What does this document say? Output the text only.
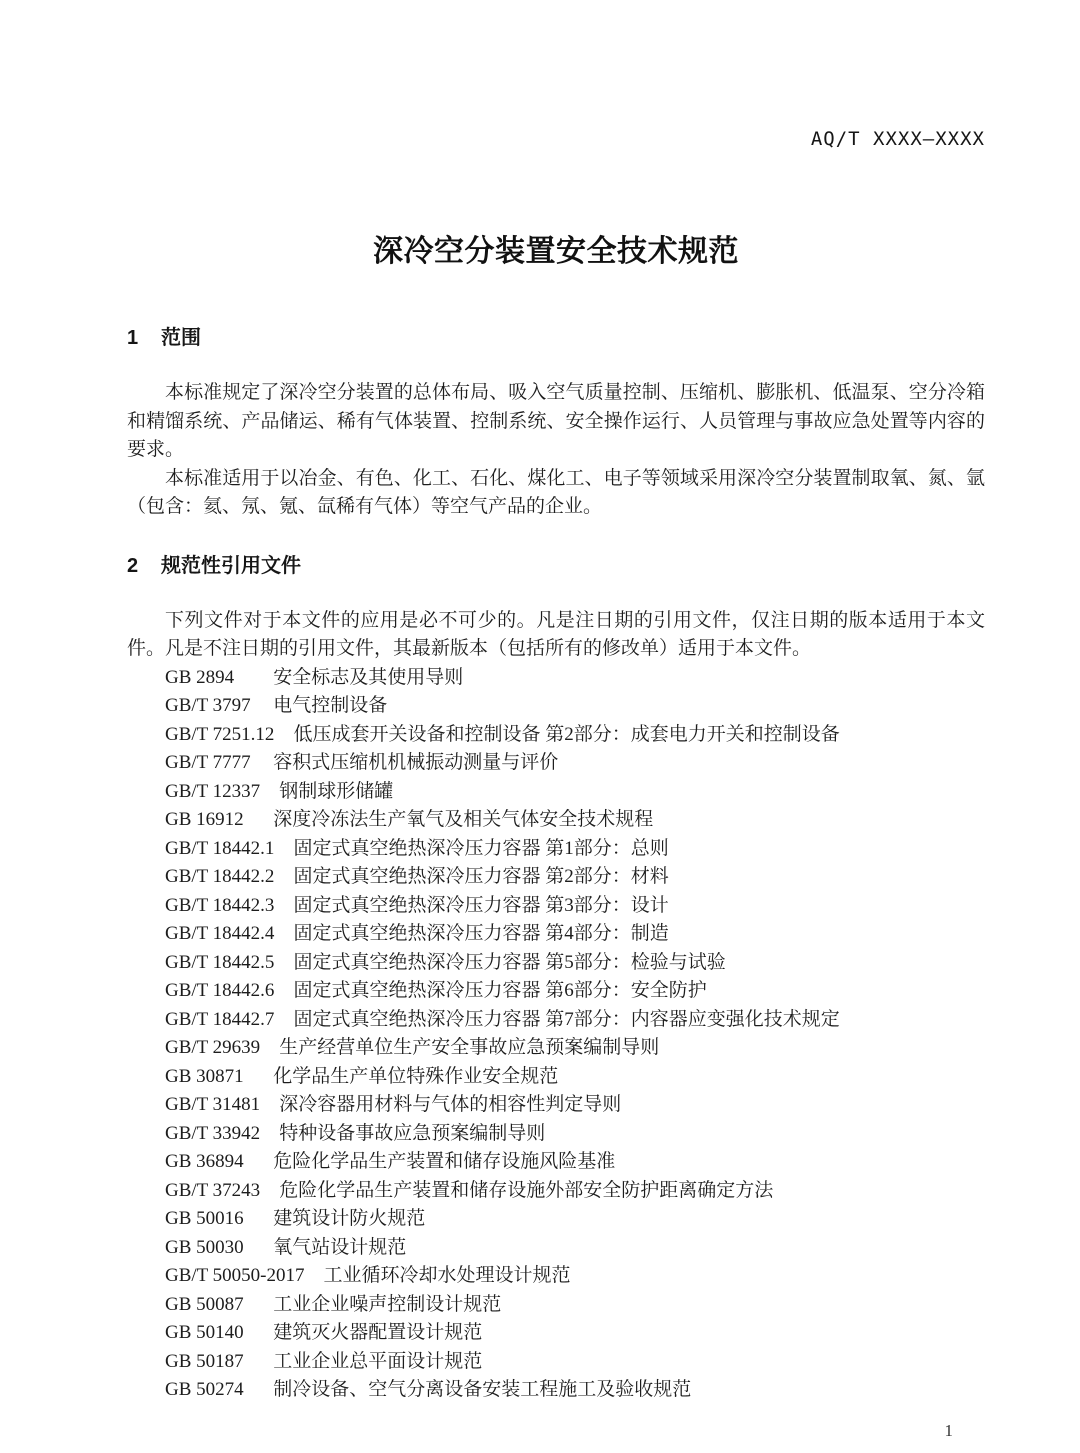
AQ/T XXXX—XXXX
深冷空分装置安全技术规范
1	范围

本标准规定了深冷空分装置的总体布局、吸入空气质量控制、压缩机、膨胀机、低温泵、空分冷箱和精馏系统、产品储运、稀有气体装置、控制系统、安全操作运行、人员管理与事故应急处置等内容的要求。

本标准适用于以冶金、有色、化工、石化、煤化工、电子等领域采用深冷空分装置制取氧、氮、氩（包含：氦、氖、氪、氙稀有气体）等空气产品的企业。

2	规范性引用文件

下列文件对于本文件的应用是必不可少的。凡是注日期的引用文件，仅注日期的版本适用于本文件。凡是不注日期的引用文件，其最新版本（包括所有的修改单）适用于本文件。

GB 2894 安全标志及其使用导则
GB/T 3797 电气控制设备
GB/T 7251.12 低压成套开关设备和控制设备 第2部分：成套电力开关和控制设备
GB/T 7777 容积式压缩机机械振动测量与评价
GB/T 12337 钢制球形储罐
GB 16912 深度冷冻法生产氧气及相关气体安全技术规程
GB/T 18442.1 固定式真空绝热深冷压力容器 第1部分：总则
GB/T 18442.2 固定式真空绝热深冷压力容器 第2部分：材料
GB/T 18442.3 固定式真空绝热深冷压力容器 第3部分：设计
GB/T 18442.4 固定式真空绝热深冷压力容器 第4部分：制造
GB/T 18442.5 固定式真空绝热深冷压力容器 第5部分：检验与试验
GB/T 18442.6 固定式真空绝热深冷压力容器 第6部分：安全防护
GB/T 18442.7 固定式真空绝热深冷压力容器 第7部分：内容器应变强化技术规定
GB/T 29639 生产经营单位生产安全事故应急预案编制导则
GB 30871 化学品生产单位特殊作业安全规范
GB/T 31481 深冷容器用材料与气体的相容性判定导则
GB/T 33942 特种设备事故应急预案编制导则
GB 36894 危险化学品生产装置和储存设施风险基准
GB/T 37243 危险化学品生产装置和储存设施外部安全防护距离确定方法
GB 50016 建筑设计防火规范
GB 50030 氧气站设计规范
GB/T 50050-2017 工业循环冷却水处理设计规范
GB 50087 工业企业噪声控制设计规范
GB 50140 建筑灭火器配置设计规范
GB 50187 工业企业总平面设计规范
GB 50274 制冷设备、空气分离设备安装工程施工及验收规范
1
